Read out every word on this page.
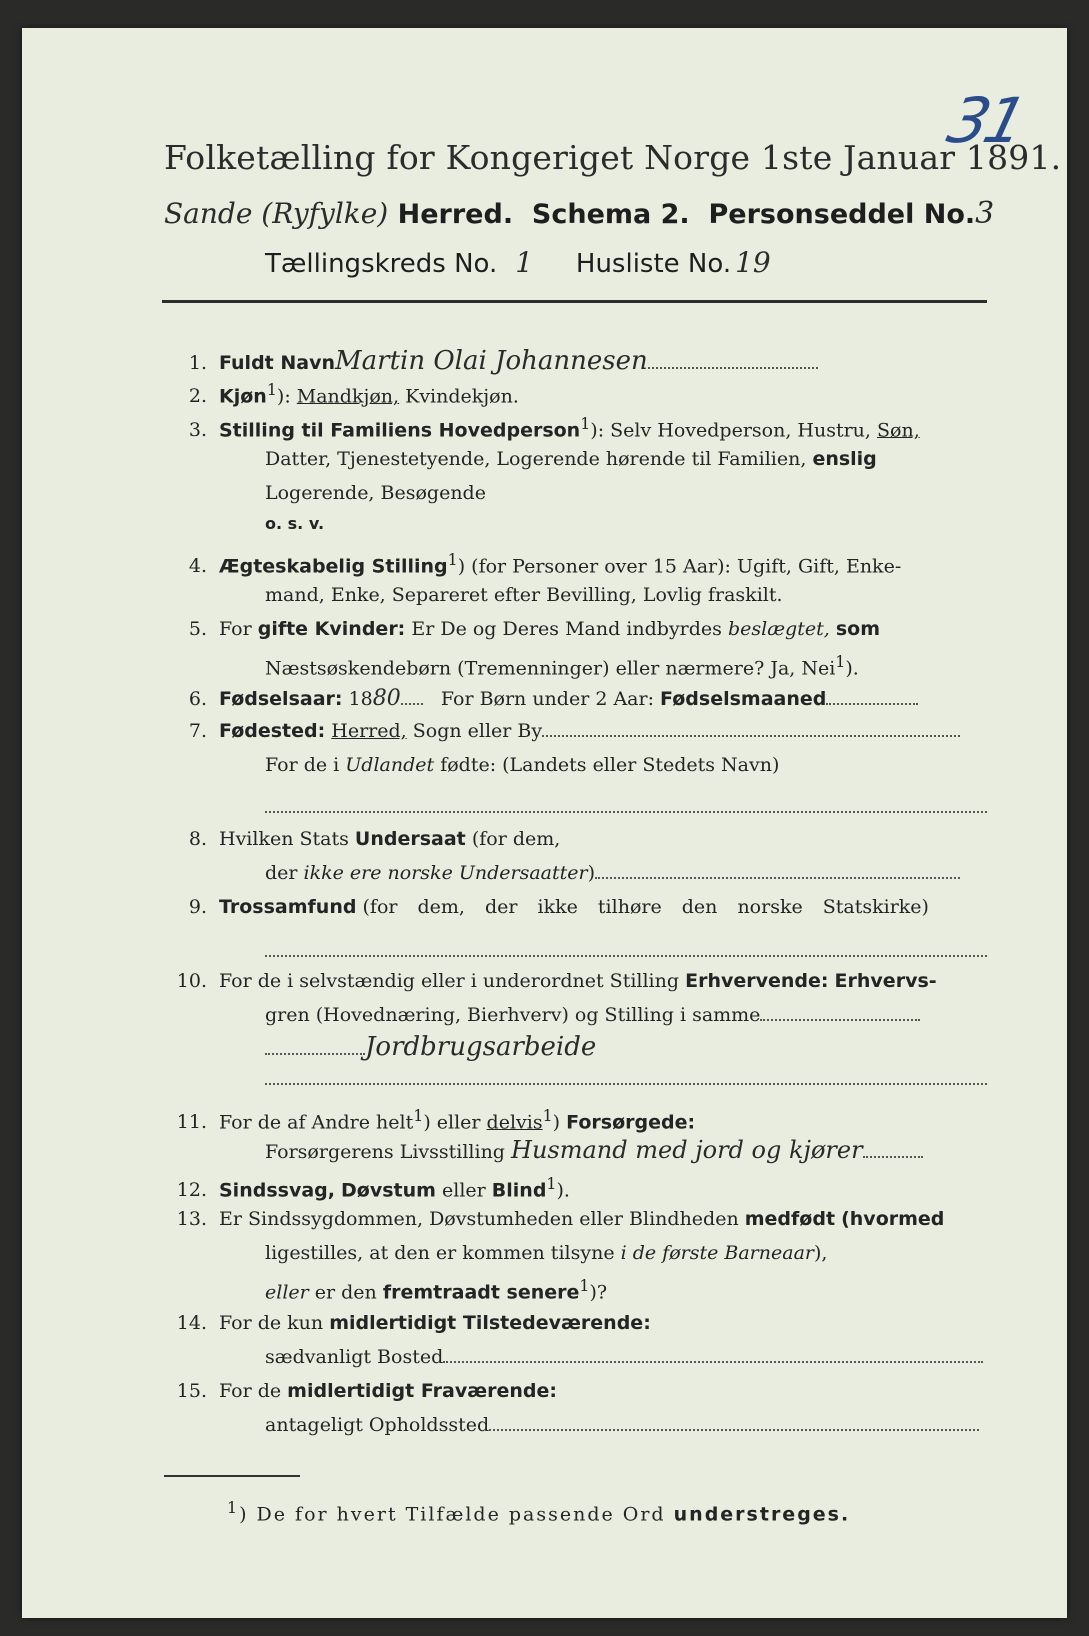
31
Folketælling for Kongeriget Norge 1ste Januar 1891.
Sande (Ryfylke) Herred. Schema 2. Personseddel No.3
Tællingskreds No. 1 Husliste No. 19
1. Fuldt NavnMartin Olai Johannesen
2. Kjøn$^1$): Mandkjøn, Kvindekjøn.
3. Stilling til Familiens Hovedperson$^1$): Selv Hovedperson, Hustru, Søn,
Datter, Tjenestetyende, Logerende hørende til Familien, enslig
Logerende, Besøgende
o. s. v.
4. Ægteskabelig Stilling$^1$) (for Personer over 15 Aar): Ugift, Gift, Enke-
mand, Enke, Separeret efter Bevilling, Lovlig fraskilt.
5. For gifte Kvinder: Er De og Deres Mand indbyrdes beslægtet, som
Næstsøskendebørn (Tremenninger) eller nærmere? Ja, Nei$^1$).
6. Fødselsaar: 1880 For Børn under 2 Aar: Fødselsmaaned
7. Fødested: Herred, Sogn eller By
For de i Udlandet fødte: (Landets eller Stedets Navn)
8. Hvilken Stats Undersaat (for dem,
der ikke ere norske Undersaatter)
9. Trossamfund (for dem, der ikke tilhøre den norske Statskirke)
10. For de i selvstændig eller i underordnet Stilling Erhvervende: Erhvervs-
gren (Hovednæring, Bierhverv) og Stilling i samme
Jordbrugsarbeide
11. For de af Andre helt$^1$) eller delvis$^1$) Forsørgede:
Forsørgerens Livsstilling Husmand med jord og kjører
12. Sindssvag, Døvstum eller Blind$^1$).
13. Er Sindssygdommen, Døvstumheden eller Blindheden medfødt (hvormed
ligestilles, at den er kommen tilsyne i de første Barneaar),
eller er den fremtraadt senere$^1$)?
14. For de kun midlertidigt Tilstedeværende:
sædvanligt Bosted
15. For de midlertidigt Fraværende:
antageligt Opholdssted
$^1$) De for hvert Tilfælde passende Ord understreges.
